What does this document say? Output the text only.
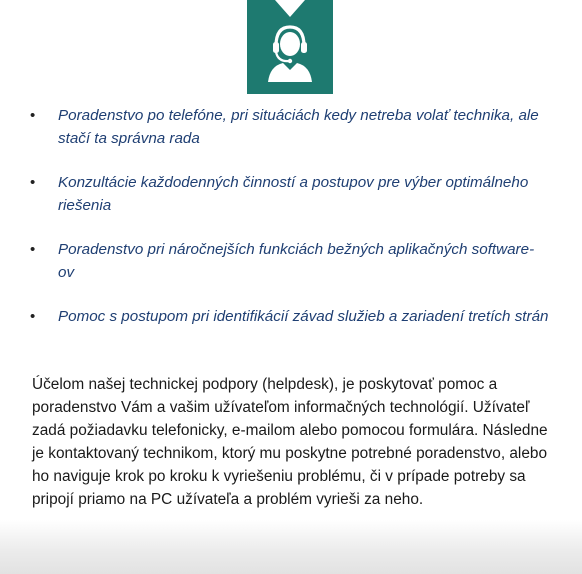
• Poradenstvo po telefóne, pri situáciách kedy netreba volať technika, ale stačí ta správna rada
• Konzultácie každodenných činností a postupov pre výber optimálneho riešenia
• Poradenstvo pri náročnejších funkciách bežných aplikačných software-ov
• Pomoc s postupom pri identifikácií závad služieb a zariadení tretích strán

Účelom našej technickej podpory (helpdesk), je poskytovať pomoc a poradenstvo Vám a vašim užívateľom informačných technológií. Užívateľ zadá požiadavku telefonicky, e-mailom alebo pomocou formulára. Následne je kontaktovaný technikom, ktorý mu poskytne potrebné poradenstvo, alebo ho naviguje krok po kroku k vyriešeniu problému, či v prípade potreby sa pripojí priamo na PC užívateľa a problém vyrieši za neho.
